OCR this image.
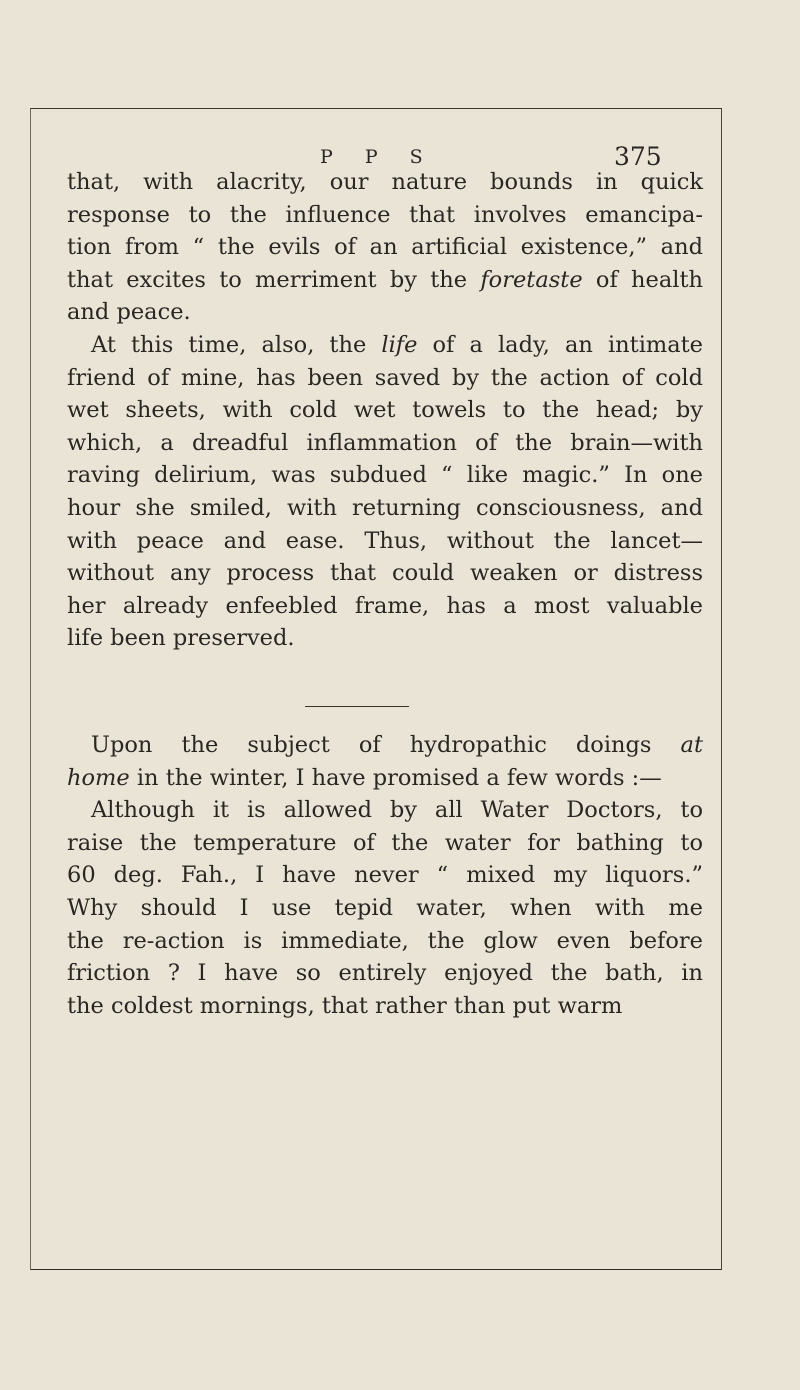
P P S	375

that, with alacrity, our nature bounds in quick
response to the influence that involves emancipa-
tion from “ the evils of an artificial existence,” and
that excites to merriment by the foretaste of health
and peace.

At this time, also, the life of a lady, an intimate
friend of mine, has been saved by the action of cold
wet sheets, with cold wet towels to the head; by
which, a dreadful inflammation of the brain—with
raving delirium, was subdued “ like magic.” In one
hour she smiled, with returning consciousness, and
with peace and ease. Thus, without the lancet—
without any process that could weaken or distress
her already enfeebled frame, has a most valuable
life been preserved.

Upon the subject of hydropathic doings at
home in the winter, I have promised a few words :—

Although it is allowed by all Water Doctors, to
raise the temperature of the water for bathing to
60 deg. Fah., I have never “ mixed my liquors.”
Why should I use tepid water, when with me
the re-action is immediate, the glow even before
friction ? I have so entirely enjoyed the bath, in
the coldest mornings, that rather than put warm
